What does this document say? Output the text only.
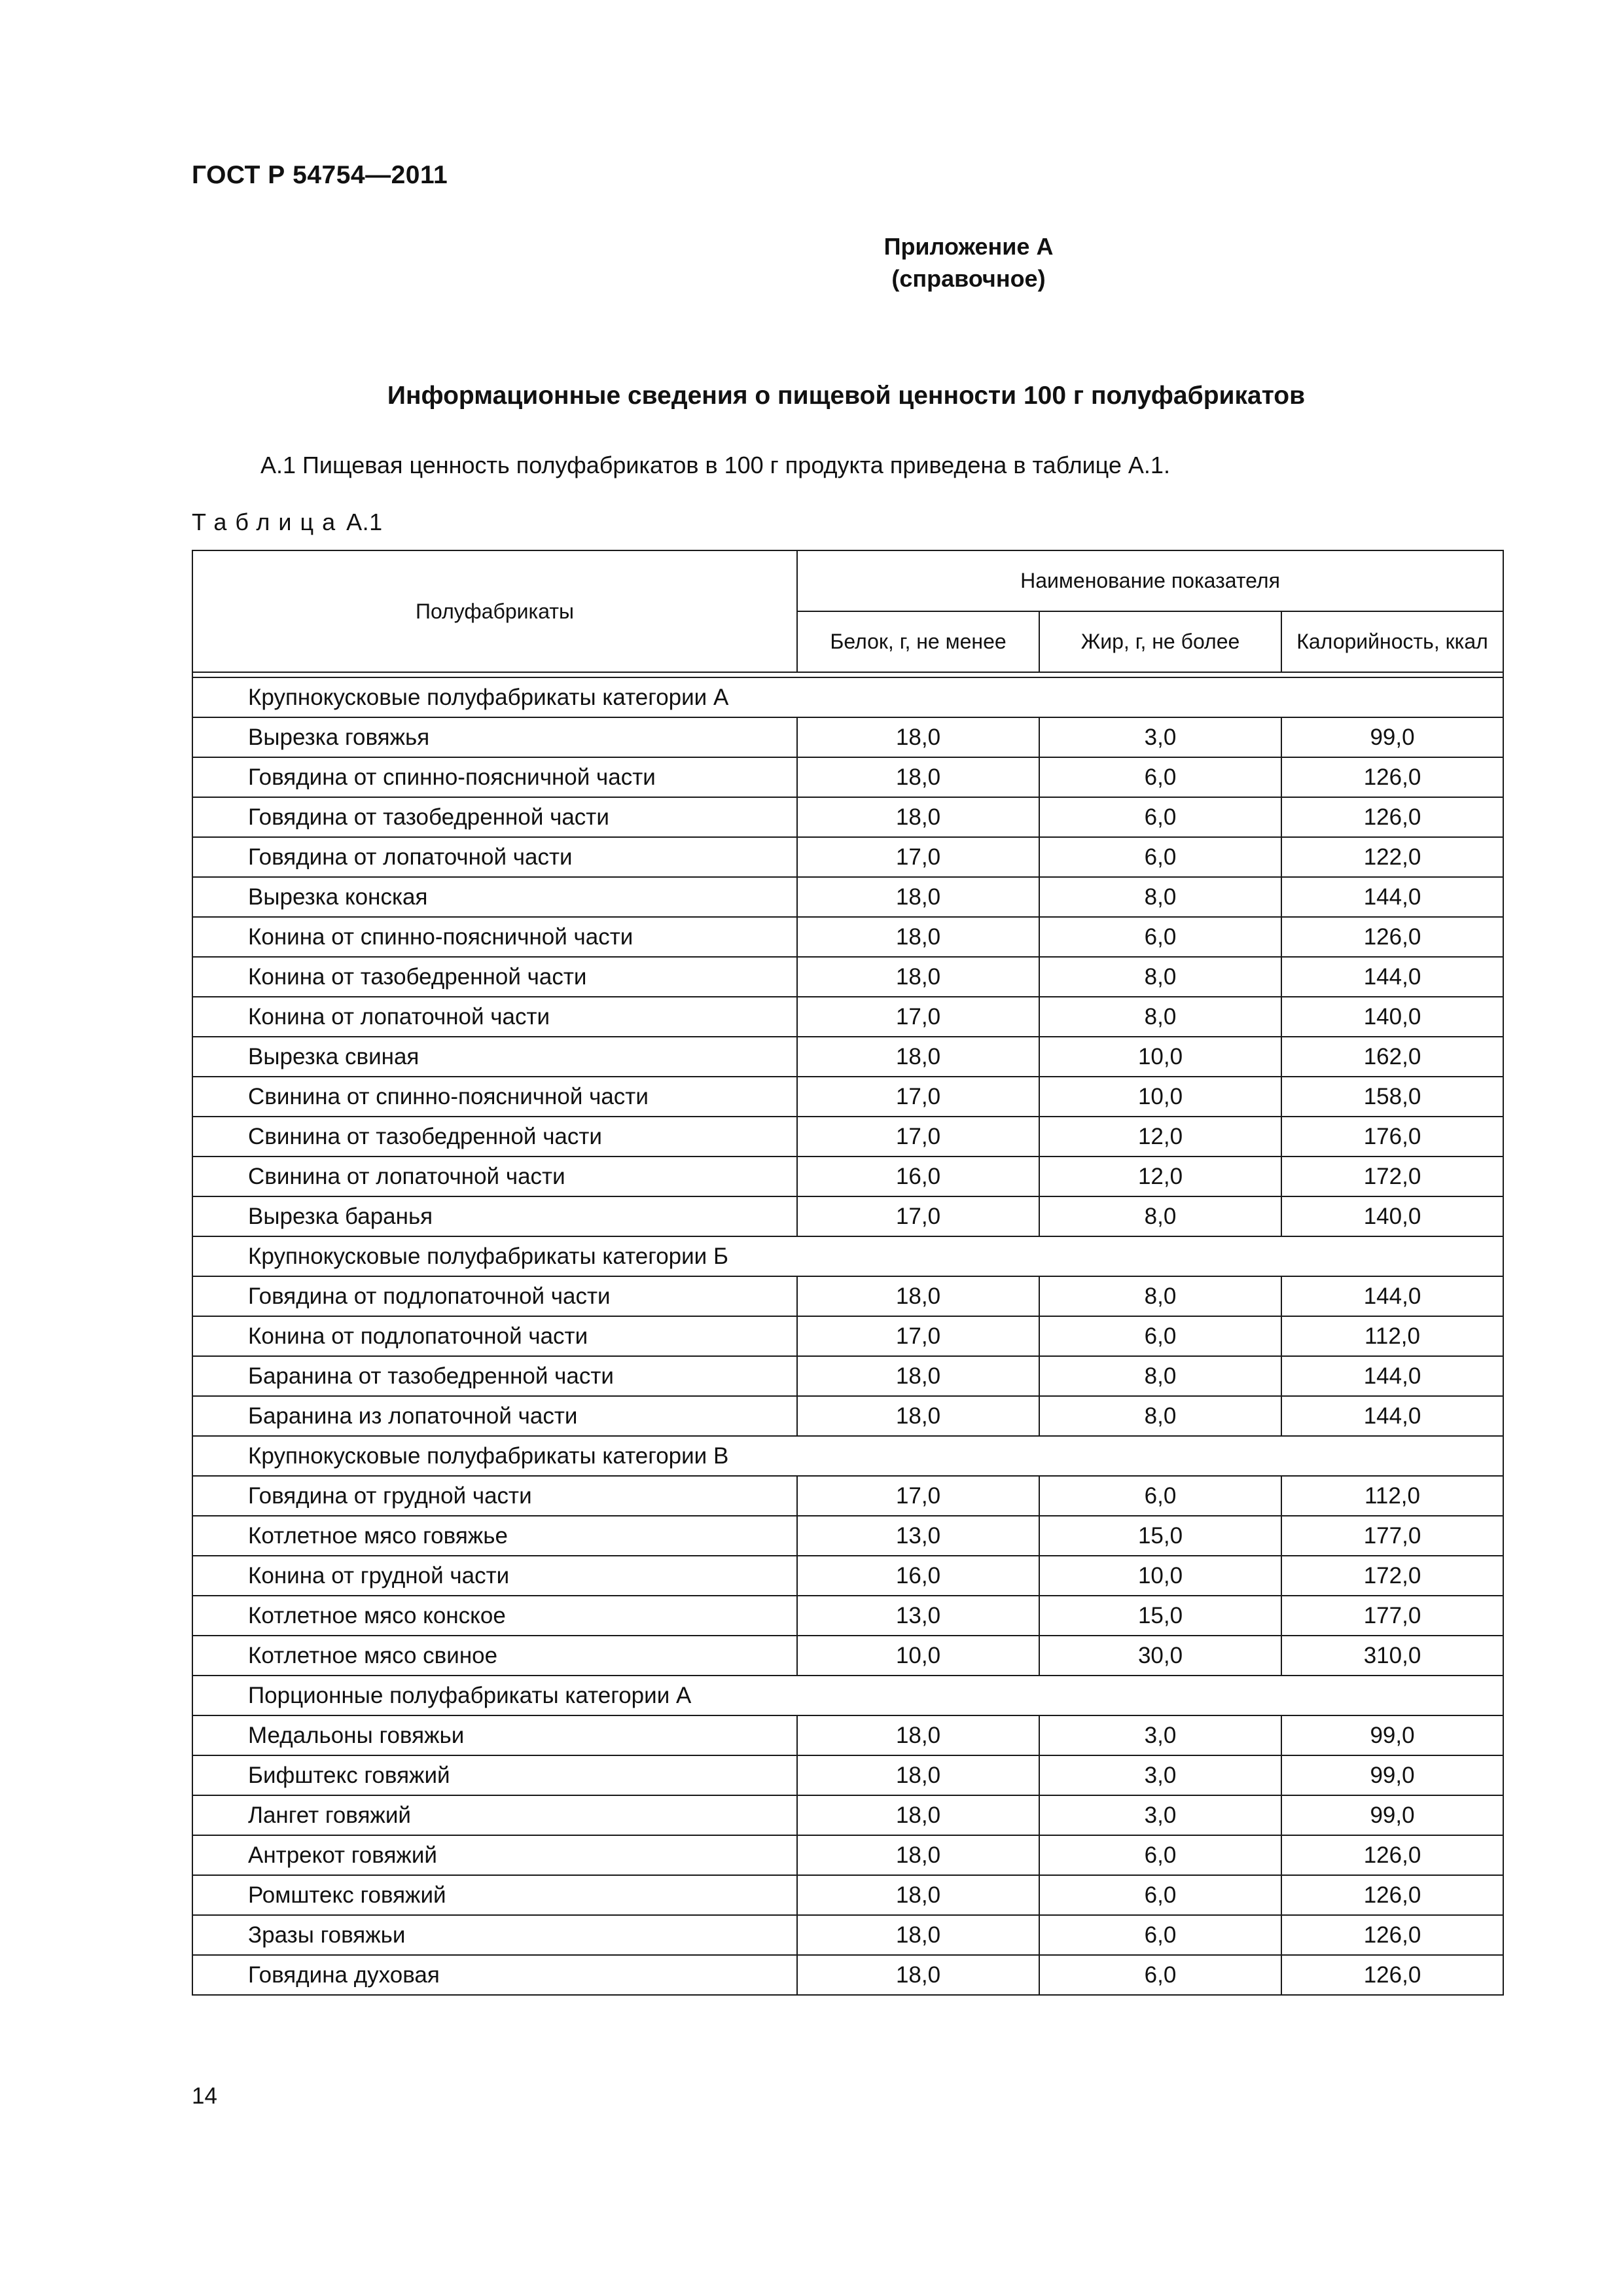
ГОСТ Р 54754—2011
Приложение А
(справочное)
Информационные сведения о пищевой ценности 100 г полуфабрикатов
А.1 Пищевая ценность полуфабрикатов в 100 г продукта приведена в таблице А.1.
Таблица А.1
Полуфабрикаты	Наименование показателя		
	Белок, г, не менее	Жир, г, не более	Калорийность, ккал

Крупнокусковые полуфабрикаты категории А			
Вырезка говяжья	18,0	3,0	99,0
Говядина от спинно-поясничной части	18,0	6,0	126,0
Говядина от тазобедренной части	18,0	6,0	126,0
Говядина от лопаточной части	17,0	6,0	122,0
Вырезка конская	18,0	8,0	144,0
Конина от спинно-поясничной части	18,0	6,0	126,0
Конина от тазобедренной части	18,0	8,0	144,0
Конина от лопаточной части	17,0	8,0	140,0
Вырезка свиная	18,0	10,0	162,0
Свинина от спинно-поясничной части	17,0	10,0	158,0
Свинина от тазобедренной части	17,0	12,0	176,0
Свинина от лопаточной части	16,0	12,0	172,0
Вырезка баранья	17,0	8,0	140,0
Крупнокусковые полуфабрикаты категории Б			
Говядина от подлопаточной части	18,0	8,0	144,0
Конина от подлопаточной части	17,0	6,0	112,0
Баранина от тазобедренной части	18,0	8,0	144,0
Баранина из лопаточной части	18,0	8,0	144,0
Крупнокусковые полуфабрикаты категории В			
Говядина от грудной части	17,0	6,0	112,0
Котлетное мясо говяжье	13,0	15,0	177,0
Конина от грудной части	16,0	10,0	172,0
Котлетное мясо конское	13,0	15,0	177,0
Котлетное мясо свиное	10,0	30,0	310,0
Порционные полуфабрикаты категории А			
Медальоны говяжьи	18,0	3,0	99,0
Бифштекс говяжий	18,0	3,0	99,0
Лангет говяжий	18,0	3,0	99,0
Антрекот говяжий	18,0	6,0	126,0
Ромштекс говяжий	18,0	6,0	126,0
Зразы говяжьи	18,0	6,0	126,0
Говядина духовая	18,0	6,0	126,0
14
